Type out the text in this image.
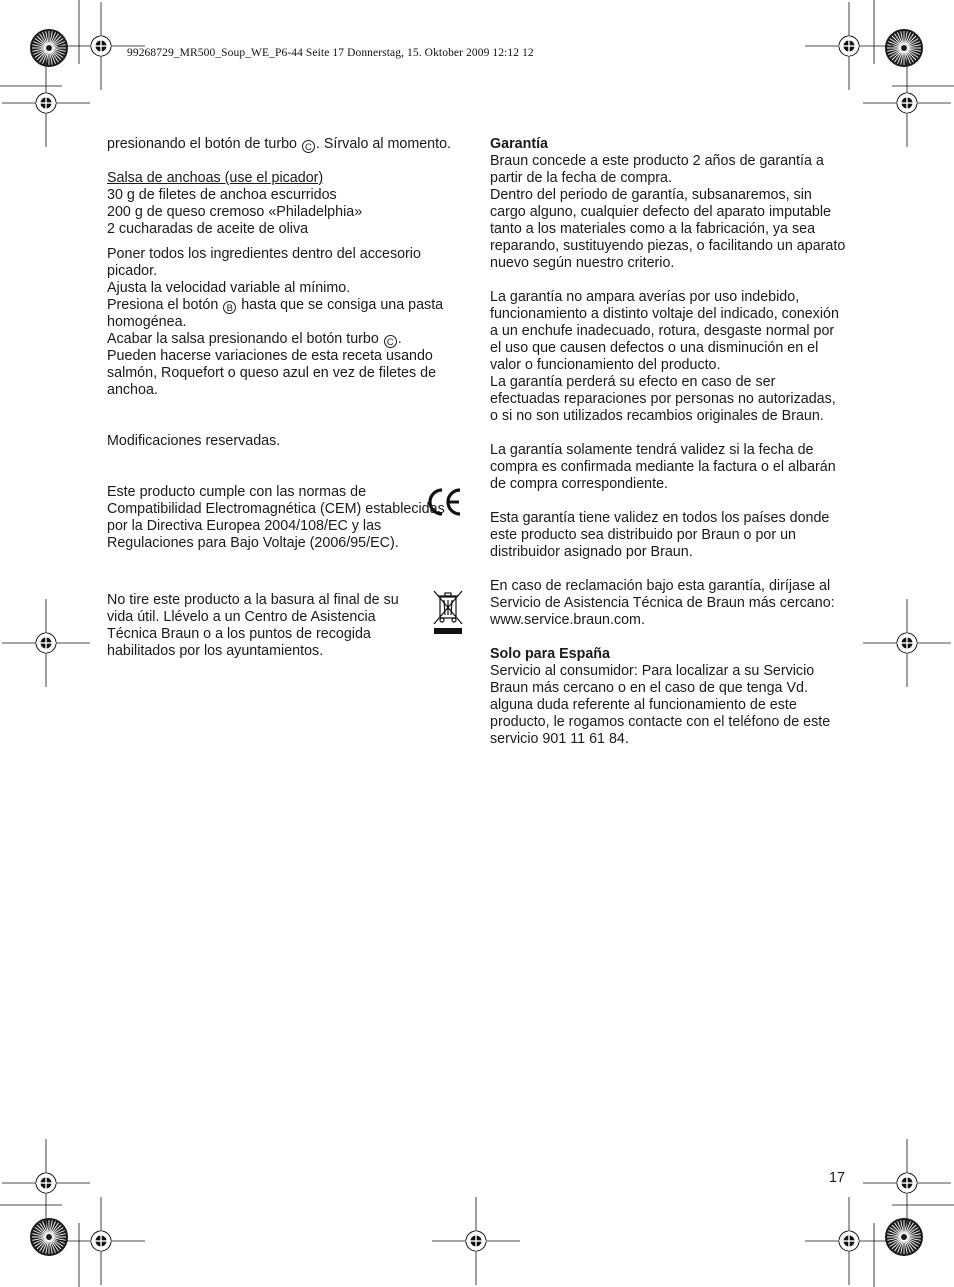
99268729_MR500_Soup_WE_P6-44 Seite 17 Donnerstag, 15. Oktober 2009 12:12 12

presionando el botón de turbo C . Sírvalo al momento.

Salsa de anchoas (use el picador)

30 g de filetes de anchoa escurridos

200 g de queso cremoso «Philadelphia»

2 cucharadas de aceite de oliva

Poner todos los ingredientes dentro del accesorio picador.

Ajusta la velocidad variable al mínimo.

Presiona el botón B hasta que se consiga una pasta homogénea.

Acabar la salsa presionando el botón turbo C .

Pueden hacerse variaciones de esta receta usando salmón, Roquefort o queso azul en vez de filetes de anchoa.

Modificaciones reservadas.

Este producto cumple con las normas de Compatibilidad Electromagnética (CEM) establecidas por la Directiva Europea 2004/108/EC y las Regulaciones para Bajo Voltaje (2006/95/EC).

No tire este producto a la basura al final de su vida útil. Llévelo a un Centro de Asistencia Técnica Braun o a los puntos de recogida habilitados por los ayuntamientos.

Garantía

Braun concede a este producto 2 años de garantía a partir de la fecha de compra.

Dentro del periodo de garantía, subsanaremos, sin cargo alguno, cualquier defecto del aparato imputable tanto a los materiales como a la fabricación, ya sea reparando, sustituyendo piezas, o facilitando un aparato nuevo según nuestro criterio.

La garantía no ampara averías por uso indebido, funcionamiento a distinto voltaje del indicado, conexión a un enchufe inadecuado, rotura, desgaste normal por el uso que causen defectos o una disminución en el valor o funcionamiento del producto.

La garantía perderá su efecto en caso de ser efectuadas reparaciones por personas no autorizadas, o si no son utilizados recambios originales de Braun.

La garantía solamente tendrá validez si la fecha de compra es confirmada mediante la factura o el albarán de compra correspondiente.

Esta garantía tiene validez en todos los países donde este producto sea distribuido por Braun o por un distribuidor asignado por Braun.

En caso de reclamación bajo esta garantía, diríjase al Servicio de Asistencia Técnica de Braun más cercano: www.service.braun.com.

Solo para España

Servicio al consumidor: Para localizar a su Servicio Braun más cercano o en el caso de que tenga Vd. alguna duda referente al funcionamiento de este producto, le rogamos contacte con el teléfono de este servicio 901 11 61 84.

17
